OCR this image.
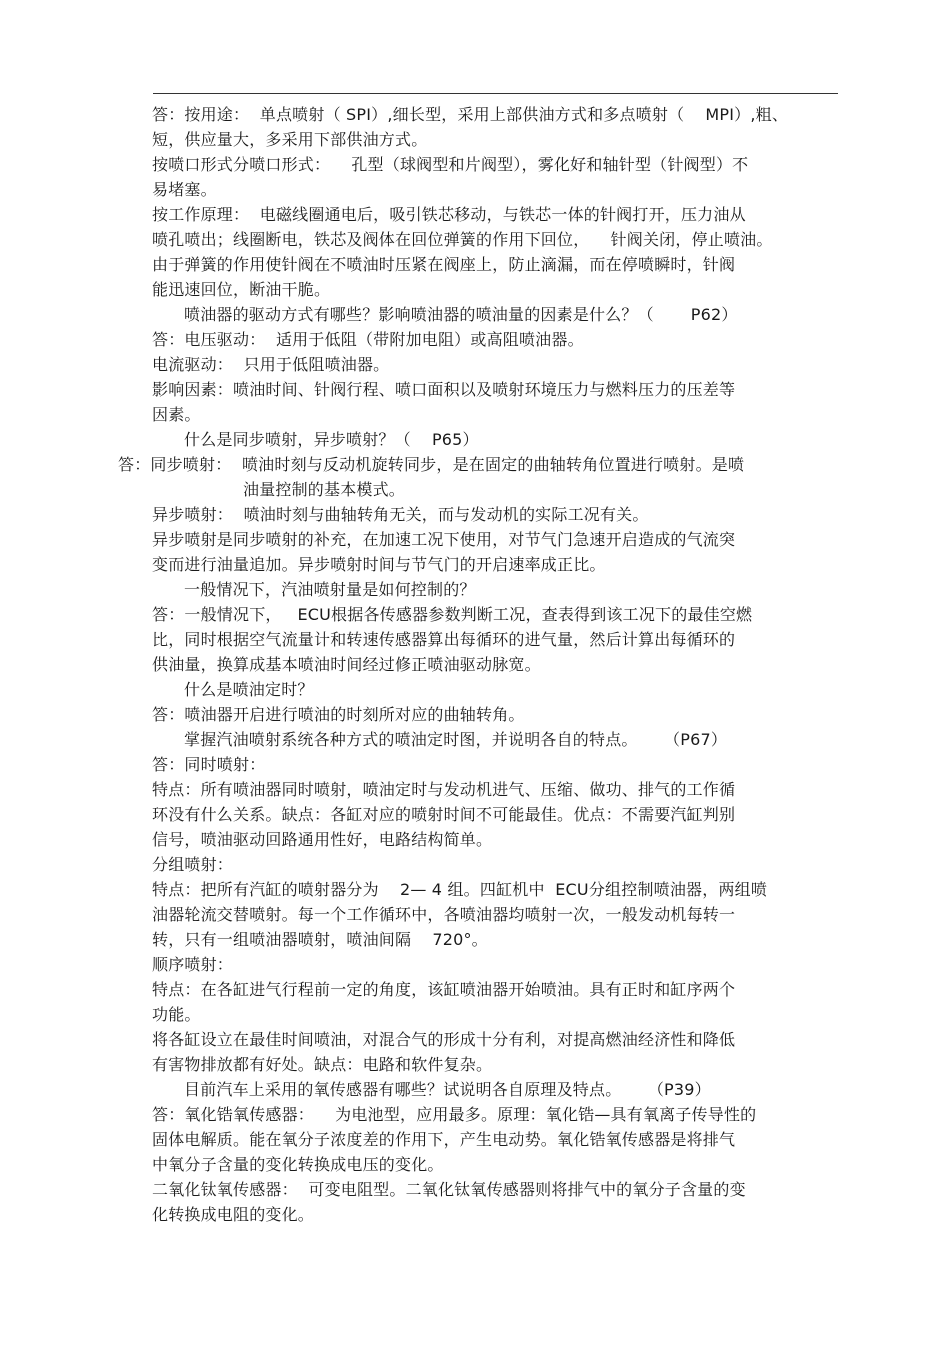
答：按用途：  单点喷射（ SPI）,细长型，采用上部供油方式和多点喷射（    MPI）,粗、
短，供应量大，多采用下部供油方式。
按喷口形式分喷口形式：    孔型（球阀型和片阀型），雾化好和轴针型（针阀型）不
易堵塞。
按工作原理：  电磁线圈通电后，吸引铁芯移动，与铁芯一体的针阀打开，压力油从
喷孔喷出；线圈断电，铁芯及阀体在回位弹簧的作用下回位，    针阀关闭，停止喷油。
由于弹簧的作用使针阀在不喷油时压紧在阀座上，防止滴漏，而在停喷瞬时，针阀
能迅速回位，断油干脆。
喷油器的驱动方式有哪些？影响喷油器的喷油量的因素是什么？（       P62）
答：电压驱动：  适用于低阻（带附加电阻）或高阻喷油器。
电流驱动：  只用于低阻喷油器。
影响因素：喷油时间、针阀行程、喷口面积以及喷射环境压力与燃料压力的压差等
因素。
什么是同步喷射，异步喷射？（    P65）
答：同步喷射：  喷油时刻与反动机旋转同步，是在固定的曲轴转角位置进行喷射。是喷
油量控制的基本模式。
异步喷射：  喷油时刻与曲轴转角无关，而与发动机的实际工况有关。
异步喷射是同步喷射的补充，在加速工况下使用，对节气门急速开启造成的气流突
变而进行油量追加。异步喷射时间与节气门的开启速率成正比。
一般情况下，汽油喷射量是如何控制的？
答：一般情况下，   ECU根据各传感器参数判断工况，查表得到该工况下的最佳空燃
比，同时根据空气流量计和转速传感器算出每循环的进气量，然后计算出每循环的
供油量，换算成基本喷油时间经过修正喷油驱动脉宽。
什么是喷油定时？
答：喷油器开启进行喷油的时刻所对应的曲轴转角。
掌握汽油喷射系统各种方式的喷油定时图，并说明各自的特点。     （P67）
答：同时喷射：
特点：所有喷油器同时喷射，喷油定时与发动机进气、压缩、做功、排气的工作循
环没有什么关系。缺点：各缸对应的喷射时间不可能最佳。优点：不需要汽缸判别
信号，喷油驱动回路通用性好，电路结构简单。
分组喷射：
特点：把所有汽缸的喷射器分为    2— 4 组。四缸机中  ECU分组控制喷油器，两组喷
油器轮流交替喷射。每一个工作循环中，各喷油器均喷射一次，一般发动机每转一
转，只有一组喷油器喷射，喷油间隔    720°。
顺序喷射：
特点：在各缸进气行程前一定的角度，该缸喷油器开始喷油。具有正时和缸序两个
功能。
将各缸设立在最佳时间喷油，对混合气的形成十分有利，对提高燃油经济性和降低
有害物排放都有好处。缺点：电路和软件复杂。
目前汽车上采用的氧传感器有哪些？试说明各自原理及特点。     （P39）
答：氧化锆氧传感器：    为电池型，应用最多。原理：氧化锆—具有氧离子传导性的
固体电解质。能在氧分子浓度差的作用下，产生电动势。氧化锆氧传感器是将排气
中氧分子含量的变化转换成电压的变化。
二氧化钛氧传感器：  可变电阻型。二氧化钛氧传感器则将排气中的氧分子含量的变
化转换成电阻的变化。
